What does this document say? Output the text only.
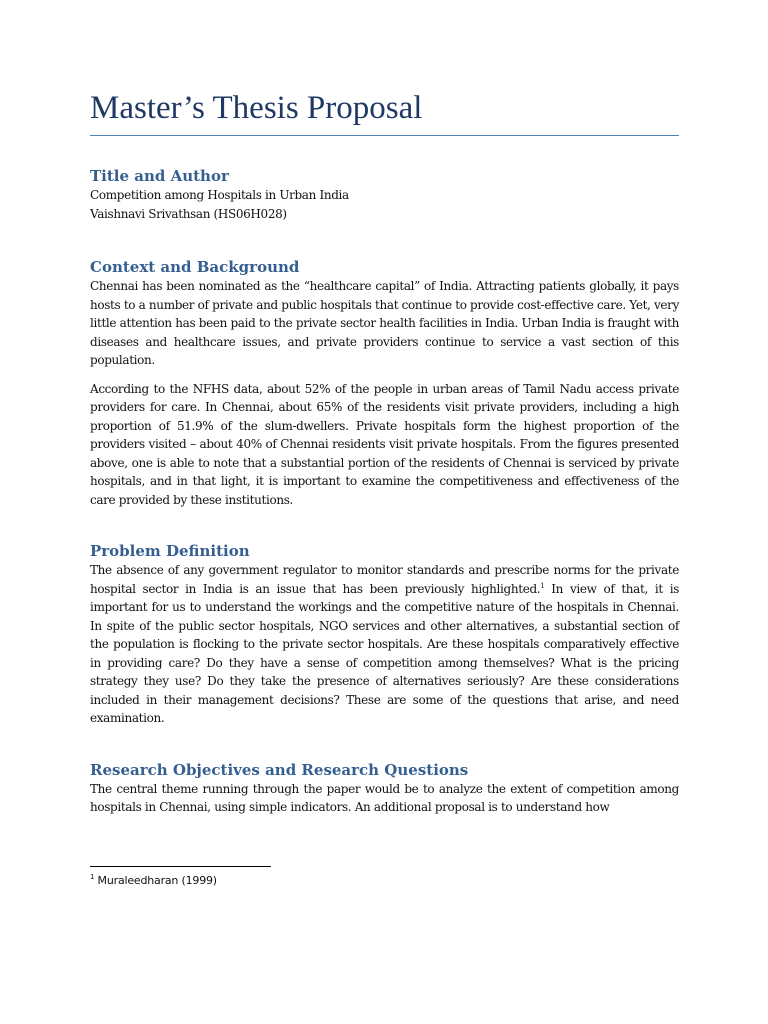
Master’s Thesis Proposal
Title and Author

Competition among Hospitals in Urban India

Vaishnavi Srivathsan (HS06H028)

Context and Background

Chennai has been nominated as the “healthcare capital” of India. Attracting patients globally, it pays hosts to a number of private and public hospitals that continue to provide cost-effective care. Yet, very little attention has been paid to the private sector health facilities in India. Urban India is fraught with diseases and healthcare issues, and private providers continue to service a vast section of this population.

According to the NFHS data, about 52% of the people in urban areas of Tamil Nadu access private providers for care. In Chennai, about 65% of the residents visit private providers, including a high proportion of 51.9% of the slum-dwellers. Private hospitals form the highest proportion of the providers visited – about 40% of Chennai residents visit private hospitals. From the figures presented above, one is able to note that a substantial portion of the residents of Chennai is serviced by private hospitals, and in that light, it is important to examine the competitiveness and effectiveness of the care provided by these institutions.

Problem Definition

The absence of any government regulator to monitor standards and prescribe norms for the private hospital sector in India is an issue that has been previously highlighted.$^1$ In view of that, it is important for us to understand the workings and the competitive nature of the hospitals in Chennai. In spite of the public sector hospitals, NGO services and other alternatives, a substantial section of the population is flocking to the private sector hospitals. Are these hospitals comparatively effective in providing care? Do they have a sense of competition among themselves? What is the pricing strategy they use? Do they take the presence of alternatives seriously? Are these considerations included in their management decisions? These are some of the questions that arise, and need examination.

Research Objectives and Research Questions

The central theme running through the paper would be to analyze the extent of competition among hospitals in Chennai, using simple indicators. An additional proposal is to understand how

$^1$ Muraleedharan (1999)
